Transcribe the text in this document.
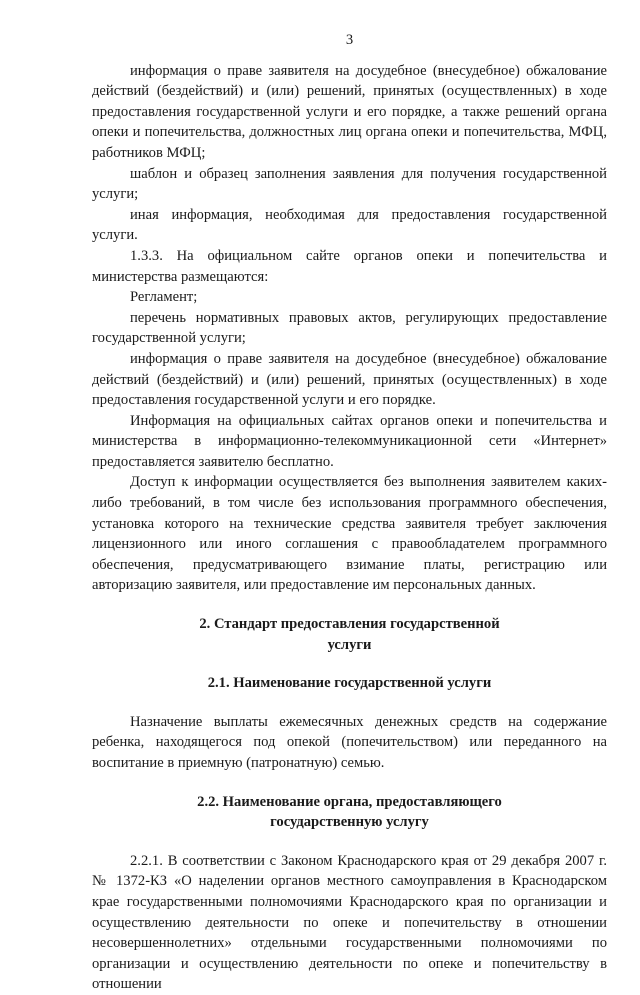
3

информация о праве заявителя на досудебное (внесудебное) обжалование действий (бездействий) и (или) решений, принятых (осуществленных) в ходе предоставления государственной услуги и его порядке, а также решений органа опеки и попечительства, должностных лиц органа опеки и попечительства, МФЦ, работников МФЦ;

шаблон и образец заполнения заявления для получения государственной услуги;

иная информация, необходимая для предоставления государственной услуги.

1.3.3. На официальном сайте органов опеки и попечительства и министерства размещаются:

Регламент;

перечень нормативных правовых актов, регулирующих предоставление государственной услуги;

информация о праве заявителя на досудебное (внесудебное) обжалование действий (бездействий) и (или) решений, принятых (осуществленных) в ходе предоставления государственной услуги и его порядке.

Информация на официальных сайтах органов опеки и попечительства и министерства в информационно-телекоммуникационной сети «Интернет» предоставляется заявителю бесплатно.

Доступ к информации осуществляется без выполнения заявителем каких-либо требований, в том числе без использования программного обеспечения, установка которого на технические средства заявителя требует заключения лицензионного или иного соглашения с правообладателем программного обеспечения, предусматривающего взимание платы, регистрацию или авторизацию заявителя, или предоставление им персональных данных.

2. Стандарт предоставления государственной
услуги
2.1. Наименование государственной услуги

Назначение выплаты ежемесячных денежных средств на содержание ребенка, находящегося под опекой (попечительством) или переданного на воспитание в приемную (патронатную) семью.

2.2. Наименование органа, предоставляющего
государственную услугу

2.2.1. В соответствии с Законом Краснодарского края от 29 декабря 2007 г. № 1372-КЗ «О наделении органов местного самоуправления в Краснодарском крае государственными полномочиями Краснодарского края по организации и осуществлению деятельности по опеке и попечительству в отношении несовершеннолетних» отдельными государственными полномочиями по организации и осуществлению деятельности по опеке и попечительству в отношении
